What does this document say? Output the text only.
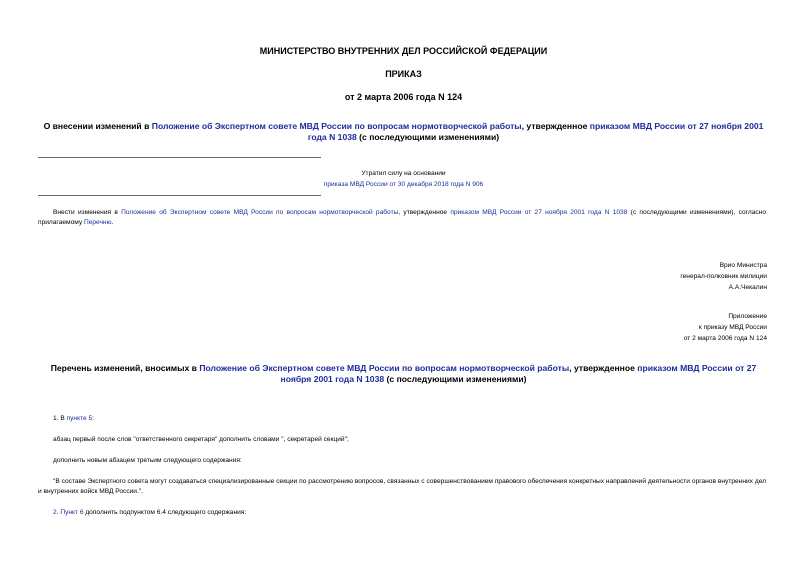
МИНИСТЕРСТВО ВНУТРЕННИХ ДЕЛ РОССИЙСКОЙ ФЕДЕРАЦИИ
ПРИКАЗ
от 2 марта 2006 года N 124
О внесении изменений в Положение об Экспертном совете МВД России по вопросам нормотворческой работы, утвержденное приказом МВД России от 27 ноября 2001 года N 1038 (с последующими изменениями)
Утратил силу на основании
приказа МВД России от 30 декабря 2018 года N 906
Внести изменения в Положение об Экспертном совете МВД России по вопросам нормотворческой работы, утвержденное приказом МВД России от 27 ноября 2001 года N 1038 (с последующими изменениями), согласно прилагаемому Перечню.
Врио Министра
генерал-полковник милиции
А.А.Чекалин
Приложение
к приказу МВД России
от 2 марта 2006 года N 124
Перечень изменений, вносимых в Положение об Экспертном совете МВД России по вопросам нормотворческой работы, утвержденное приказом МВД России от 27 ноября 2001 года N 1038 (с последующими изменениями)
1. В пункте 5:
абзац первый после слов "ответственного секретаря" дополнить словами ", секретарей секций";
дополнить новым абзацем третьим следующего содержания:
"В составе Экспертного совета могут создаваться специализированные секции по рассмотрению вопросов, связанных с совершенствованием правового обеспечения конкретных направлений деятельности органов внутренних дел и внутренних войск МВД России.".
2. Пункт 6 дополнить подпунктом 6.4 следующего содержания:
